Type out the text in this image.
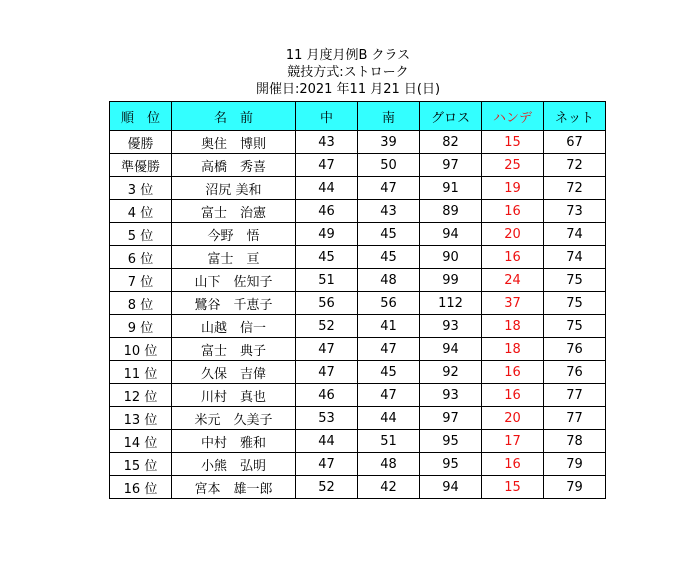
11 月度月例B クラス
競技方式:ストローク
開催日:2021 年11 月21 日(日)
順　位	名　前	中	南	グロス	ハンデ	ネット
優勝	奥住　博則	43	39	82	15	67
準優勝	高橋　秀喜	47	50	97	25	72
3 位	沼尻 美和	44	47	91	19	72
4 位	富士　治憲	46	43	89	16	73
5 位	今野　悟	49	45	94	20	74
6 位	富士　亘	45	45	90	16	74
7 位	山下　佐知子	51	48	99	24	75
8 位	鷺谷　千恵子	56	56	112	37	75
9 位	山越　信一	52	41	93	18	75
10 位	富士　典子	47	47	94	18	76
11 位	久保　吉偉	47	45	92	16	76
12 位	川村　真也	46	47	93	16	77
13 位	米元　久美子	53	44	97	20	77
14 位	中村　雅和	44	51	95	17	78
15 位	小熊　弘明	47	48	95	16	79
16 位	宮本　雄一郎	52	42	94	15	79
